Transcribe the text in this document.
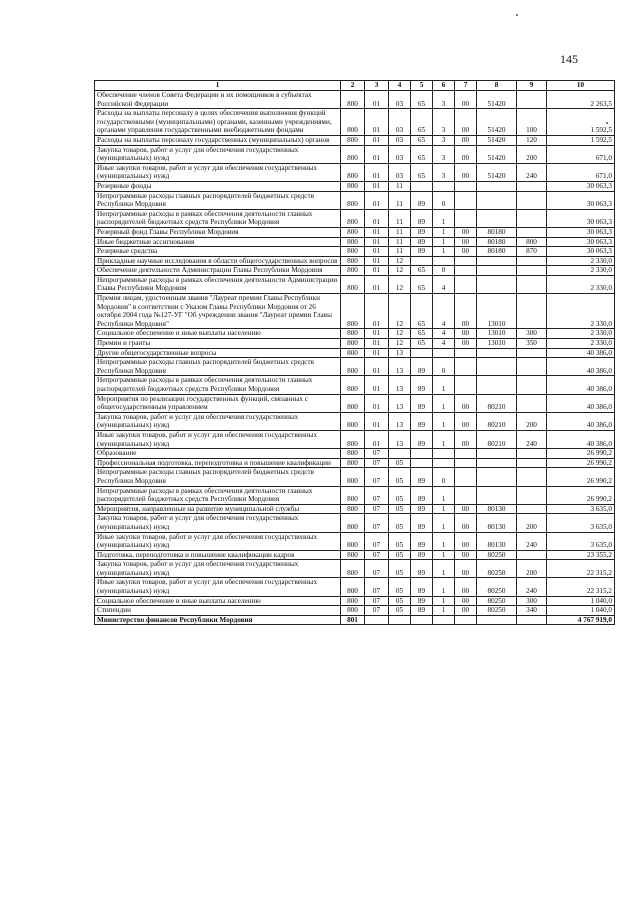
145
1	2	3	4	5	6	7	8	9	10
Обеспечение членов Совета Федерации и их помощников в субъектах Российской Федерации	800	01	03	65	3	00	51420		2 263,5
Расходы на выплаты персоналу в целях обеспечения выполнения функций государственными (муниципальными) органами, казенными учреждениями, органами управления государственными внебюджетными фондами	800	01	03	65	3	00	51420	100	1 592,5
Расходы на выплаты персоналу государственных (муниципальных) органов	800	01	03	65	3	00	51420	120	1 592,5
Закупка товаров, работ и услуг для обеспечения государственных (муниципальных) нужд	800	01	03	65	3	00	51420	200	671,0
Иные закупки товаров, работ и услуг для обеспечения государственных (муниципальных) нужд	800	01	03	65	3	00	51420	240	671,0
Резервные фонды	800	01	11						30 063,3
Непрограммные расходы главных распорядителей бюджетных средств Республики Мордовия	800	01	11	89	0				30 063,3
Непрограммные расходы в рамках обеспечения деятельности главных распорядителей бюджетных средств Республики Мордовия	800	01	11	89	1				30 063,3
Резервный фонд Главы Республики Мордовия	800	01	11	89	1	00	80180		30 063,3
Иные бюджетные ассигнования	800	01	11	89	1	00	80180	800	30 063,3
Резервные средства	800	01	11	89	1	00	80180	870	30 063,3
Прикладные научные исследования в области общегосударственных вопросов	800	01	12						2 330,0
Обеспечение деятельности Администрации Главы Республики Мордовия	800	01	12	65	0				2 330,0
Непрограммные расходы в рамках обеспечения деятельности Администрации Главы Республики Мордовия	800	01	12	65	4				2 330,0
Премия лицам, удостоенным звания "Лауреат премии Главы Республики Мордовия" в соответствии с Указом Главы Республики Мордовия от 26 октября 2004 года №127-УГ "Об учреждении звания "Лауреат премии Главы Республики Мордовия"	800	01	12	65	4	00	13010		2 330,0
Социальное обеспечение и иные выплаты населению	800	01	12	65	4	00	13010	300	2 330,0
Премии и гранты	800	01	12	65	4	00	13010	350	2 330,0
Другие общегосударственные вопросы	800	01	13						40 386,0
Непрограммные расходы главных распорядителей бюджетных средств Республики Мордовия	800	01	13	89	0				40 386,0
Непрограммные расходы в рамках обеспечения деятельности главных распорядителей бюджетных средств Республики Мордовия	800	01	13	89	1				40 386,0
Мероприятия по реализации государственных функций, связанных с общегосударственным управлением	800	01	13	89	1	00	80210		40 386,0
Закупка товаров, работ и услуг для обеспечения государственных (муниципальных) нужд	800	01	13	89	1	00	80210	200	40 386,0
Иные закупки товаров, работ и услуг для обеспечения государственных (муниципальных) нужд	800	01	13	89	1	00	80210	240	40 386,0
Образование	800	07							26 990,2
Профессиональная подготовка, переподготовка и повышение квалификации	800	07	05						26 990,2
Непрограммные расходы главных распорядителей бюджетных средств Республики Мордовия	800	07	05	89	0				26 990,2
Непрограммные расходы в рамках обеспечения деятельности главных распорядителей бюджетных средств Республики Мордовия	800	07	05	89	1				26 990,2
Мероприятия, направленные на развитие муниципальной службы	800	07	05	89	1	00	80130		3 635,0
Закупка товаров, работ и услуг для обеспечения государственных (муниципальных) нужд	800	07	05	89	1	00	80130	200	3 635,0
Иные закупки товаров, работ и услуг для обеспечения государственных (муниципальных) нужд	800	07	05	89	1	00	80130	240	3 635,0
Подготовка, переподготовка и повышение квалификации кадров	800	07	05	89	1	00	80250		23 355,2
Закупка товаров, работ и услуг для обеспечения государственных (муниципальных) нужд	800	07	05	89	1	00	80250	200	22 315,2
Иные закупки товаров, работ и услуг для обеспечения государственных (муниципальных) нужд	800	07	05	89	1	00	80250	240	22 315,2
Социальное обеспечение и иные выплаты населению	800	07	05	89	1	00	80250	300	1 040,0
Стипендии	800	07	05	89	1	00	80250	340	1 040,0
Министерство финансов Республики Мордовия	801								4 767 919,0
